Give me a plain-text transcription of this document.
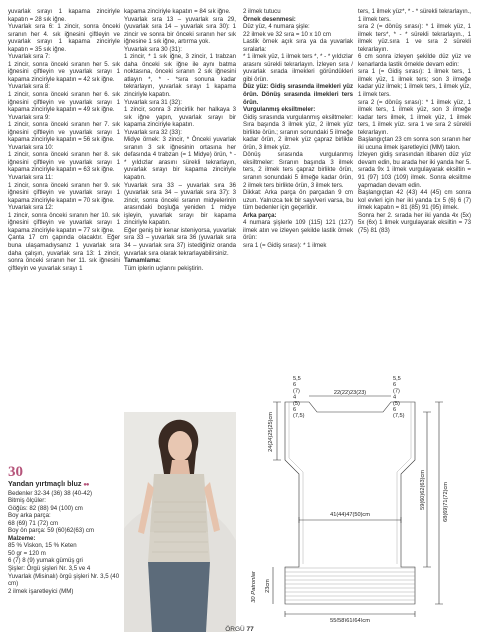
yuvarlak sırayı 1 kapama zinciriyle kapatın = 28 sık iğne.

Yuvarlak sıra 6: 1 zincir, sonra önceki sıranın her 4. sık iğnesini çiftleyin ve yuvarlak sırayı 1 kapama zinciriyle kapatın = 35 sık iğne.

Yuvarlak sıra 7:

1 zincir, sonra önceki sıranın her 5. sık iğnesini çiftleyin ve yuvarlak sırayı 1 kapama zinciriyle kapatın = 42 sık iğne.

Yuvarlak sıra 8:

1 zincir, sonra önceki sıranın her 6. sık iğnesini çiftleyin ve yuvarlak sırayı 1 kapama zinciriyle kapatın = 49 sık iğne.

Yuvarlak sıra 9:

1 zincir, sonra önceki sıranın her 7. sık iğnesini çiftleyin ve yuvarlak sırayı 1 kapama zinciriyle kapatın = 56 sık iğne.

Yuvarlak sıra 10:

1 zincir, sonra önceki sıranın her 8. sık iğnesini çiftleyin ve yuvarlak sırayı 1 kapama zinciriyle kapatın = 63 sık iğne.

Yuvarlak sıra 11:

1 zincir, sonra önceki sıranın her 9. sık iğnesini çiftleyin ve yuvarlak sırayı 1 kapama zinciriyle kapatın = 70 sık iğne.

Yuvarlak sıra 12:

1 zincir, sonra önceki sıranın her 10. sık iğnesini çiftleyin ve yuvarlak sırayı 1 kapama zinciriyle kapatın = 77 sık iğne.

Çanta 17 cm çapında olacaktır. Eğer buna ulaşamadıysanız 1 yuvarlak sıra daha çalışın, yuvarlak sıra 13: 1 zincir, sonra önceki sıranın her 11. sık iğnesini çiftleyin ve yuvarlak sırayı 1

kapama zinciriyle kapatın = 84 sık iğne.

Yuvarlak sıra 13 – yuvarlak sıra 29, (yuvarlak sıra 14 – yuvarlak sıra 30): 1 zincir ve sonra bir önceki sıranın her sık iğnesine 1 sık iğne, artırma yok.

Yuvarlak sıra 30 (31):

1 zincir, * 1 sık iğne, 3 zincir, 1 trabzan daha önceki sık iğne ile aynı batma noktasına, önceki sıranın 2 sık iğnesini atlayın *, * - *sıra sonuna kadar tekrarlayın, yuvarlak sırayı 1 kapama zinciriyle kapatın.

Yuvarlak sıra 31 (32):

1 zincir, sonra 3 zincirlik her halkaya 3 sık iğne yapın, yuvarlak sırayı bir kapama zinciriyle kapatın.

Yuvarlak sıra 32 (33):

Midye örnek: 3 zincir, * Önceki yuvarlak sıranın 3 sık iğnesinin ortasına her defasında 4 trabzan (= 1 Midye) örün, * - * yıldızlar arasını sürekli tekrarlayın, yuvarlak sırayı bir kapama zinciriyle kapatın.

Yuvarlak sıra 33 – yuvarlak sıra 36 (yuvarlak sıra 34 – yuvarlak sıra 37): 3 zincir, sonra önceki sıranın midyelerinin arasındaki boşluğa yeniden 1 midye işleyin, yuvarlak sırayı bir kapama zinciriyle kapatın.

Eğer geniş bir kenar isteniyorsa, yuvarlak sıra 33 – yuvarlak sıra 36 (yuvarlak sıra 34 – yuvarlak sıra 37) istediğiniz orandа yuvarlak sıra olarak tekrarlayabilirsiniz.

Tamamlama:

Tüm iplerin uçlarını pekiştirin.

2 ilmek tutucu

Örnek desenmesi:

Düz yüz, 4 numara şişle:

22 ilmek ve 32 sıra = 10 x 10 cm

Lastik örnek açık sıra ya da yuvarlak sıralarla:

* 1 ilmek yüz, 1 ilmek ters *, * - * yıldızlar arasını sürekli tekrarlayın. İzleyen sıra / yuvarlak sırada ilmekleri göründükleri gibi örün.

Düz yüz: Gidiş sırasında ilmekleri yüz örün. Dönüş sırasında ilmekleri ters örün.

Vurgulanmış eksiltmeler:

Gidiş sırasında vurgulanmış eksiltmeler: Sıra başında 3 ilmek yüz, 2 ilmek yüz birlikte örün.; sıranın sonundaki 5 ilmeğe kadar örün, 2 ilmek yüz çapraz birlikte örün, 3 ilmek yüz.

Dönüş sırasında vurgulanmış eksiltmeler: Sıranın başında 3 ilmek ters, 2 ilmek ters çapraz birlikte örün, sıranın sonundaki 5 ilmeğe kadar örün, 2 ilmek ters birlikte örün, 3 ilmek ters.

Dikkat: Arka parça ön parçadan 9 cm uzun. Yalnızca tek bir sayı/veri varsa, bu tüm bedenler için geçerlidir.

Arka parça:

4 numara şişlerle 109 (115) 121 (127) ilmek atın ve izleyen şekilde lastik örnek örün:

sıra 1 (= Gidiş sırası): * 1 ilmek

ters, 1 ilmek yüz*, * - * sürekli tekrarlayın., 1 ilmek ters.

sıra 2 (= dönüş sırası): * 1 ilmek yüz, 1 ilmek ters*, * - * sürekli tekrarlayın., 1 ilmek yüz.sıra 1 ve sıra 2 sürekli tekrarlayın.

6 cm sonra izleyen şekilde düz yüz ve kenarlarda lastik örnekle devam edin:

sıra 1 (= Gidiş sırası): 1 ilmek ters, 1 ilmek yüz, 1 ilmek ters; son 3 ilmeğe kadar yüz ilmek; 1 ilmek ters, 1 ilmek yüz, 1 ilmek ters.

sıra 2 (= dönüş sırası): * 1 ilmek yüz, 1 ilmek ters, 1 ilmek yüz, son 3 ilmeğe kadar ters ilmek, 1 ilmek yüz, 1 ilmek ters, 1 ilmek yüz. sıra 1 ve sıra 2 sürekli tekrarlayın.

Başlangıçtan 23 cm sonra son sıranın her iki ucuna ilmek işaretleyici (MM) takın.

İzleyen gidiş sırasından itibaren düz yüz devam edin, bu arada her iki yanda her 5. sırada 9x 1 ilmek vurgulayarak eksiltin = 91 (97) 103 (109) ilmek. Sonra eksiltme yapmadan devam edin.

Başlangıçtan 42 (43) 44 (45) cm sonra kol evleri için her iki yanda 1x 5 (6) 6 (7) ilmek kapatın = 81 (85) 91 (95) ilmek.

Sonra her 2. sırada her iki yanda 4x (5x) 5x (6x) 1 ilmek vurgulayarak eksiltin = 73 (75) 81 (83)

30
Yandan yırtmaçlı bluz ●●

Bedenler 32-34 (36) 38 (40-42)

Bitmiş ölçüler:

Göğüs: 82 (88) 94 (100) cm

Boy arka parça:

68 (69) 71 (72) cm

Boy ön parça: 59 (60)62(63) cm

Malzeme:

85 % Viskon, 15 % Keten

50 gr = 120 m

6 (7) 8 (9) yumak gümüş gri

Şişler: Örgü şişleri Nr. 3,5 ve 4

Yuvarlak (Misinalı) örgü şişleri Nr. 3,5 (40 cm)

2 ilmek işaretleyici (MM)

22(22)23(23)
5,5
6
(7)
4
(5)
6
(7,5)
5,5
6
(7)
4
(5)
6
(7,5)
24(24)25(25)cm
41(44)47(50)cm
59(60)62(63)cm	68(69)71(72)cm
23cm
55(58)61(64)cm
30 Patronlar
ÖRGÜ 77
